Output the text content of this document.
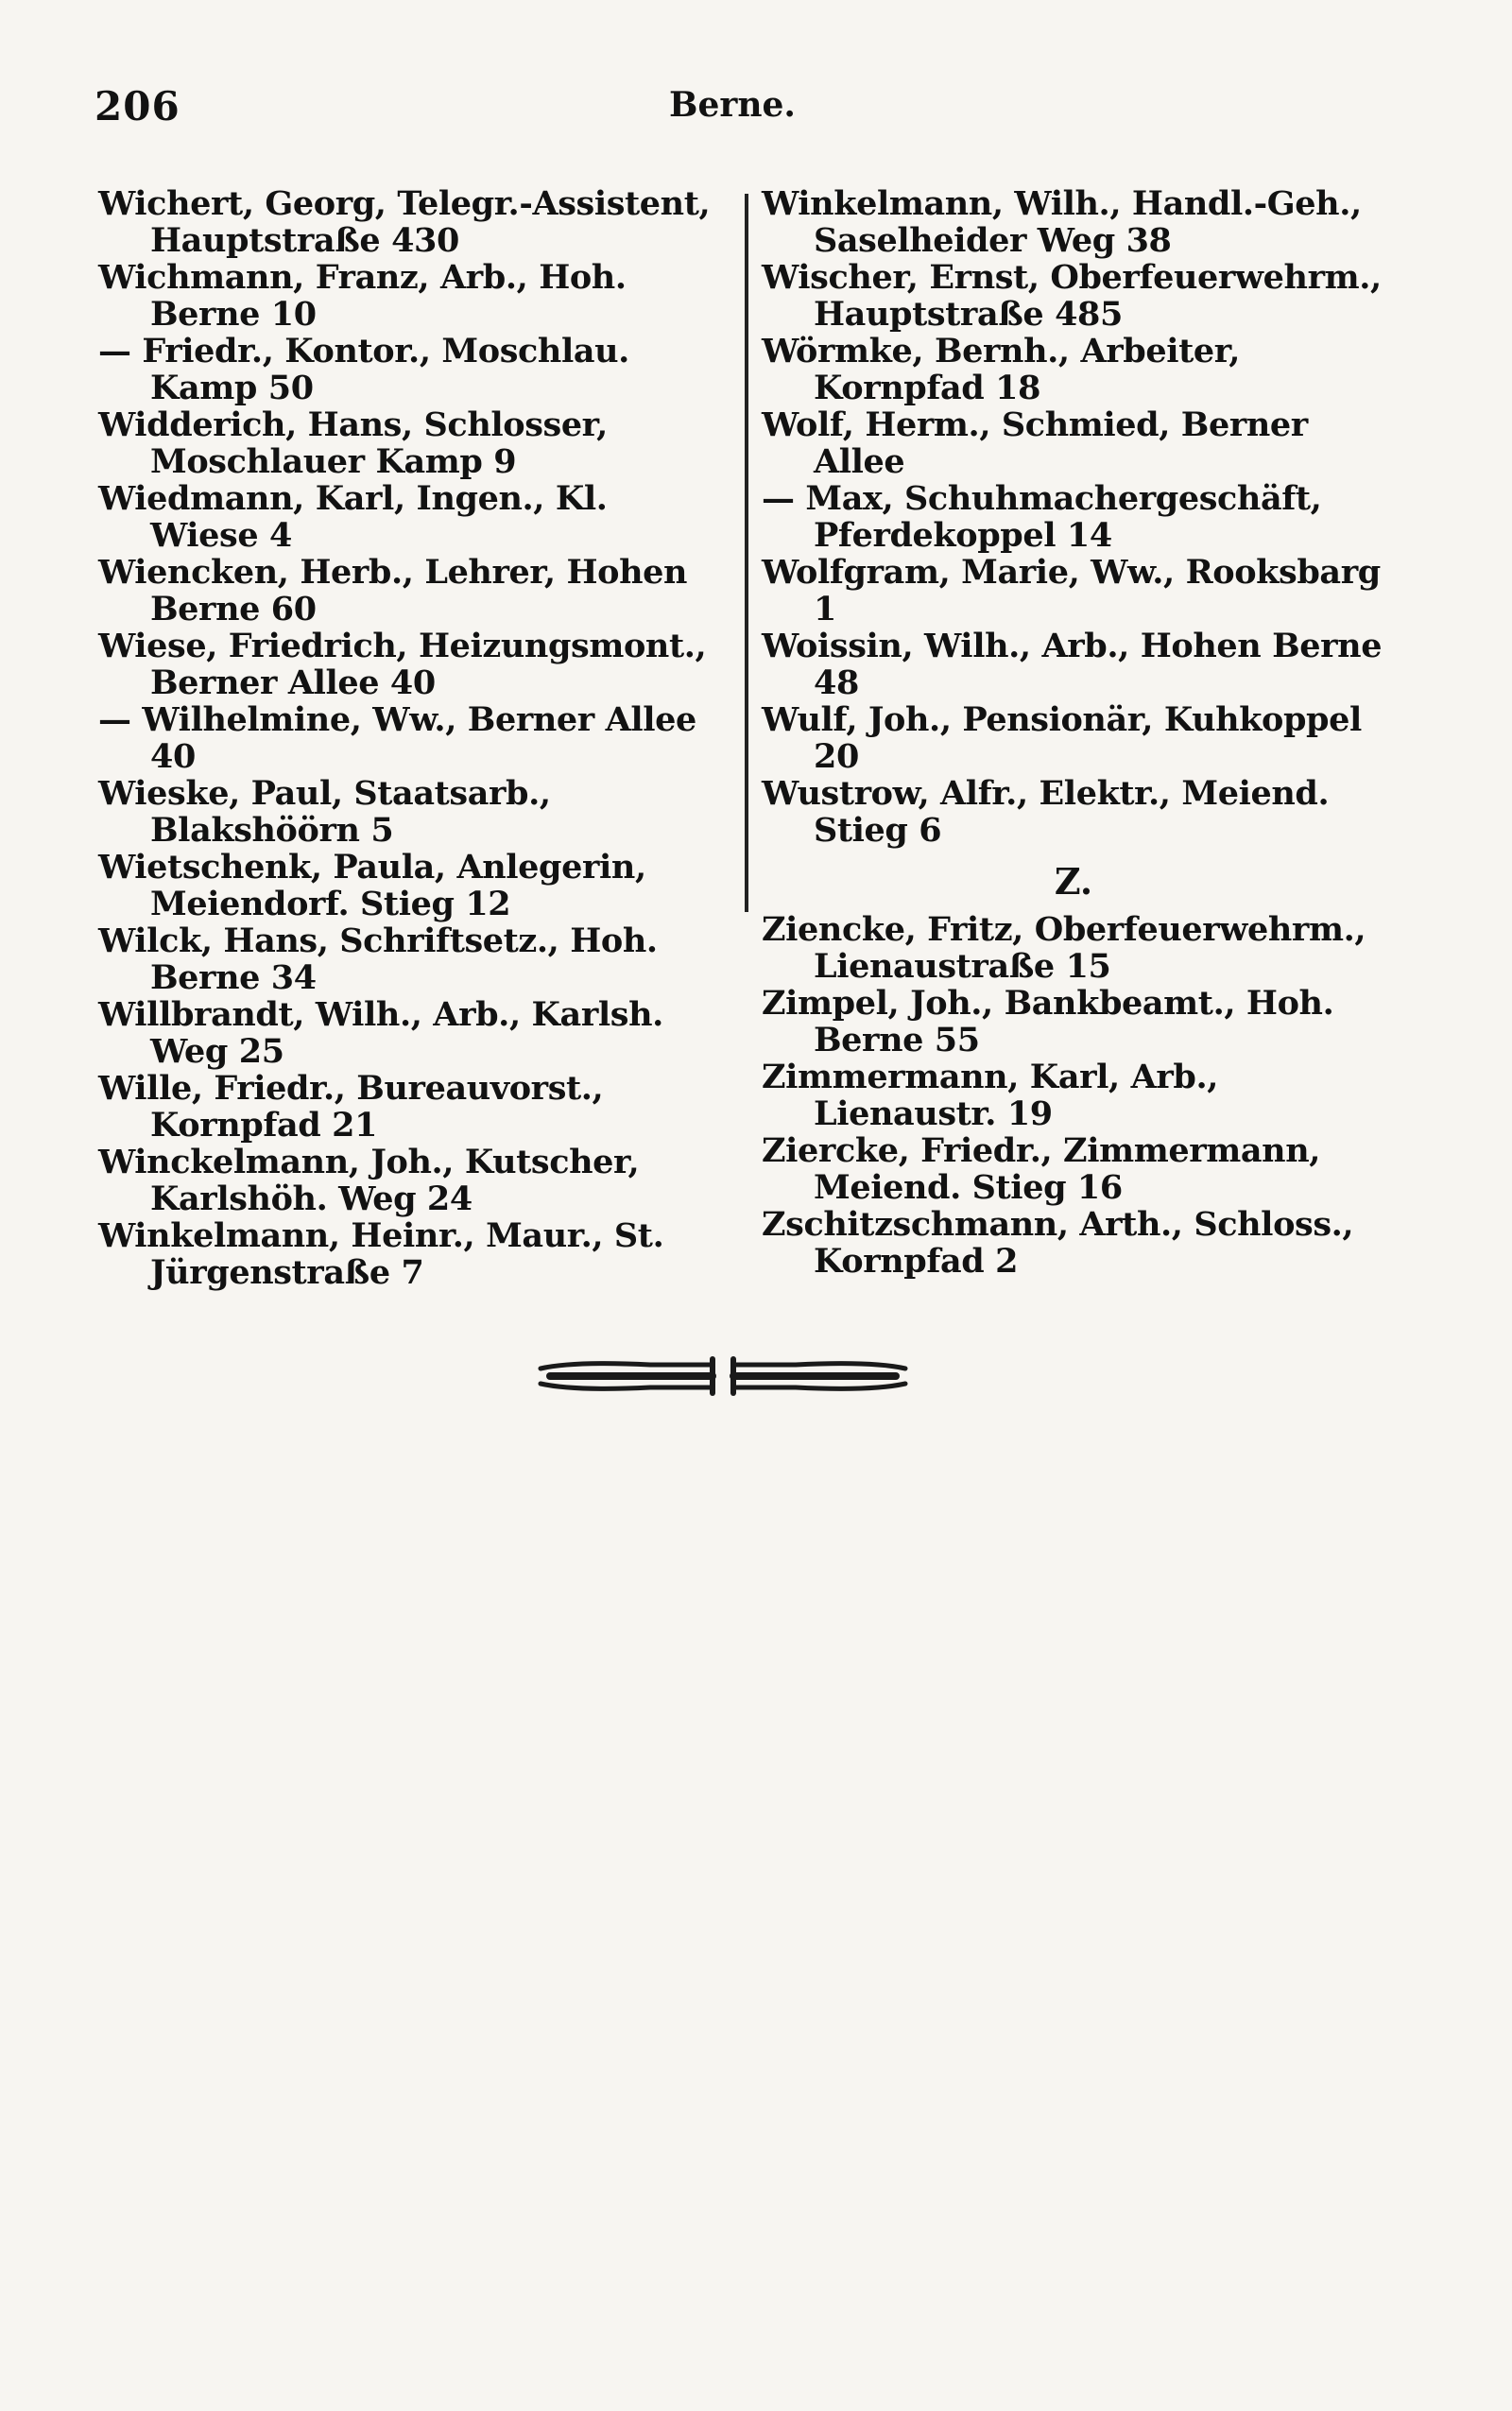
206	Berne.
Wichert, Georg, Telegr.-Assistent, Hauptstraße 430
Wichmann, Franz, Arb., Hoh. Berne 10
— Friedr., Kontor., Moschlau. Kamp 50
Widderich, Hans, Schlosser, Moschlauer Kamp 9
Wiedmann, Karl, Ingen., Kl. Wiese 4
Wiencken, Herb., Lehrer, Hohen Berne 60
Wiese, Friedrich, Heizungsmont., Berner Allee 40
— Wilhelmine, Ww., Berner Allee 40
Wieske, Paul, Staatsarb., Blakshöörn 5
Wietschenk, Paula, Anlegerin, Meiendorf. Stieg 12
Wilck, Hans, Schriftsetz., Hoh. Berne 34
Willbrandt, Wilh., Arb., Karlsh. Weg 25
Wille, Friedr., Bureauvorst., Kornpfad 21
Winckelmann, Joh., Kutscher, Karlshöh. Weg 24
Winkelmann, Heinr., Maur., St. Jürgenstraße 7
Winkelmann, Wilh., Handl.-Geh., Saselheider Weg 38
Wischer, Ernst, Oberfeuerwehrm., Hauptstraße 485
Wörmke, Bernh., Arbeiter, Kornpfad 18
Wolf, Herm., Schmied, Berner Allee
— Max, Schuhmachergeschäft, Pferdekoppel 14
Wolfgram, Marie, Ww., Rooksbarg 1
Woissin, Wilh., Arb., Hohen Berne 48
Wulf, Joh., Pensionär, Kuhkoppel 20
Wustrow, Alfr., Elektr., Meiend. Stieg 6
Z.
Ziencke, Fritz, Oberfeuerwehrm., Lienaustraße 15
Zimpel, Joh., Bankbeamt., Hoh. Berne 55
Zimmermann, Karl, Arb., Lienaustr. 19
Ziercke, Friedr., Zimmermann, Meiend. Stieg 16
Zschitzschmann, Arth., Schloss., Kornpfad 2
